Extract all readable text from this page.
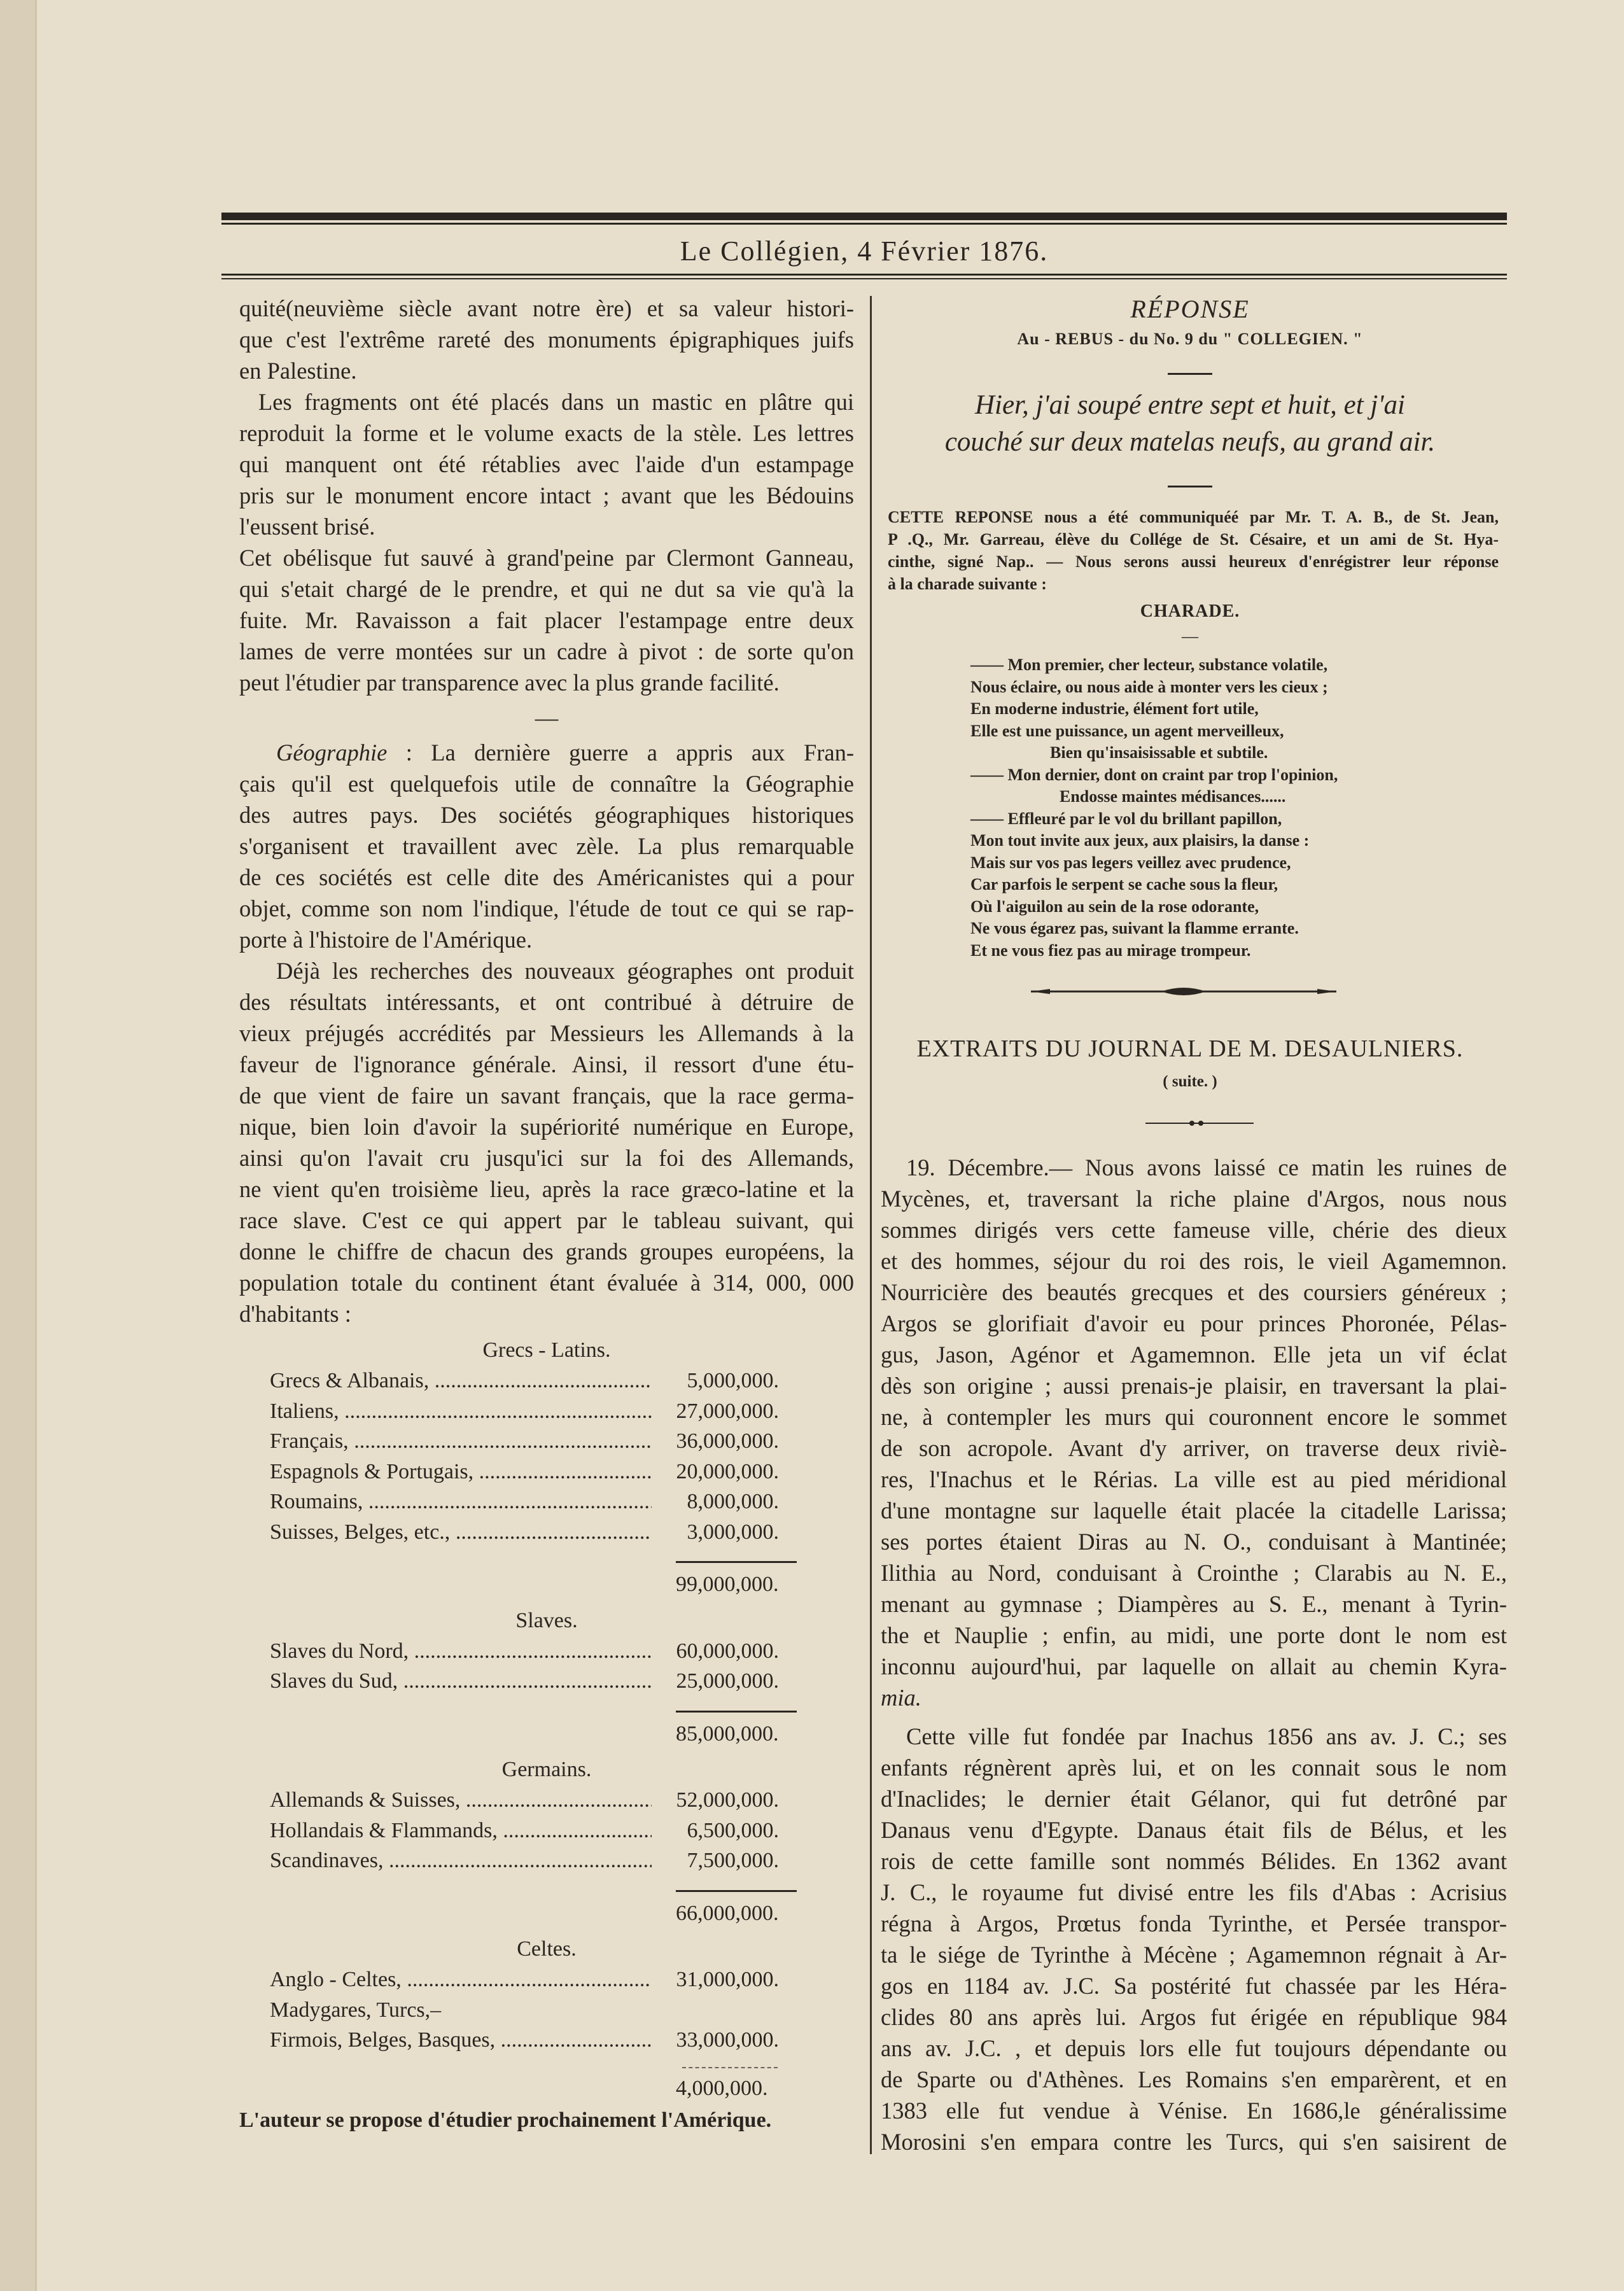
Le Collégien, 4 Février 1876.

quité(neuvième siècle avant notre ère) et sa valeur histori-
que c'est l'extrême rareté des monuments épigraphiques juifs
en Palestine.

Les fragments ont été placés dans un mastic en plâtre qui
reproduit la forme et le volume exacts de la stèle. Les lettres
qui manquent ont été rétablies avec l'aide d'un estampage
pris sur le monument encore intact ; avant que les Bédouins
l'eussent brisé.

Cet obélisque fut sauvé à grand'peine par Clermont Ganneau,
qui s'etait chargé de le prendre, et qui ne dut sa vie qu'à la
fuite. Mr. Ravaisson a fait placer l'estampage entre deux
lames de verre montées sur un cadre à pivot : de sorte qu'on
peut l'étudier par transparence avec la plus grande facilité.

—

Géographie : La dernière guerre a appris aux Fran-
çais qu'il est quelquefois utile de connaître la Géographie
des autres pays. Des sociétés géographiques historiques
s'organisent et travaillent avec zèle. La plus remarquable
de ces sociétés est celle dite des Américanistes qui a pour
objet, comme son nom l'indique, l'étude de tout ce qui se rap-
porte à l'histoire de l'Amérique.

Déjà les recherches des nouveaux géographes ont produit
des résultats intéressants, et ont contribué à détruire de
vieux préjugés accrédités par Messieurs les Allemands à la
faveur de l'ignorance générale. Ainsi, il ressort d'une étu-
de que vient de faire un savant français, que la race germa-
nique, bien loin d'avoir la supériorité numérique en Europe,
ainsi qu'on l'avait cru jusqu'ici sur la foi des Allemands,
ne vient qu'en troisième lieu, après la race græco-latine et la
race slave. C'est ce qui appert par le tableau suivant, qui
donne le chiffre de chacun des grands groupes européens, la
population totale du continent étant évaluée à 314, 000, 000
d'habitants :

Grecs - Latins.
Grecs & Albanais, .....	5,000,000.
Italiens, .....	27,000,000.
Français, .....	36,000,000.
Espagnols & Portugais, .....	20,000,000.
Roumains, .....	8,000,000.
Suisses, Belges, etc., .....	3,000,000.
99,000,000.
Slaves.
Slaves du Nord, .....	60,000,000.
Slaves du Sud, .....	25,000,000.
85,000,000.
Germains.
Allemands & Suisses, .....	52,000,000.
Hollandais & Flammands, .....	6,500,000.
Scandinaves, .....	7,500,000.
66,000,000.
Celtes.
Anglo - Celtes, .....	31,000,000.
Madygares, Turcs,–
Firmois, Belges, Basques, .....	33,000,000.
4,000,000.

L'auteur se propose d'étudier prochainement l'Amérique.

RÉPONSE
Au - REBUS - du No. 9 du " COLLEGIEN. "
Hier, j'ai soupé entre sept et huit, et j'ai
couché sur deux matelas neufs, au grand air.
CETTE REPONSE nous a été communiquéé par Mr. T. A. B., de St. Jean,
P .Q., Mr. Garreau, élève du Collége de St. Césaire, et un ami de St. Hya-
cinthe, signé Nap.. — Nous serons aussi heureux d'enrégistrer leur réponse
à la charade suivante :
CHARADE.
—
—— Mon premier, cher lecteur, substance volatile,
Nous éclaire, ou nous aide à monter vers les cieux ;
En moderne industrie, élément fort utile,
Elle est une puissance, un agent merveilleux,
Bien qu'insaisissable et subtile.
—— Mon dernier, dont on craint par trop l'opinion,
Endosse maintes médisances......
—— Effleuré par le vol du brillant papillon,
Mon tout invite aux jeux, aux plaisirs, la danse :
Mais sur vos pas legers veillez avec prudence,
Car parfois le serpent se cache sous la fleur,
Où l'aiguilon au sein de la rose odorante,
Ne vous égarez pas, suivant la flamme errante.
Et ne vous fiez pas au mirage trompeur.
EXTRAITS DU JOURNAL DE M. DESAULNIERS.
( suite. )

19. Décembre.— Nous avons laissé ce matin les ruines de
Mycènes, et, traversant la riche plaine d'Argos, nous nous
sommes dirigés vers cette fameuse ville, chérie des dieux
et des hommes, séjour du roi des rois, le vieil Agamemnon.
Nourricière des beautés grecques et des coursiers généreux ;
Argos se glorifiait d'avoir eu pour princes Phoronée, Pélas-
gus, Jason, Agénor et Agamemnon. Elle jeta un vif éclat
dès son origine ; aussi prenais-je plaisir, en traversant la plai-
ne, à contempler les murs qui couronnent encore le sommet
de son acropole. Avant d'y arriver, on traverse deux riviè-
res, l'Inachus et le Rérias. La ville est au pied méridional
d'une montagne sur laquelle était placée la citadelle Larissa;
ses portes étaient Diras au N. O., conduisant à Mantinée;
Ilithia au Nord, conduisant à Crointhe ; Clarabis au N. E.,
menant au gymnase ; Diampères au S. E., menant à Tyrin-
the et Nauplie ; enfin, au midi, une porte dont le nom est
inconnu aujourd'hui, par laquelle on allait au chemin Kyra-
mia.

Cette ville fut fondée par Inachus 1856 ans av. J. C.; ses
enfants régnèrent après lui, et on les connait sous le nom
d'Inaclides; le dernier était Gélanor, qui fut detrôné par
Danaus venu d'Egypte. Danaus était fils de Bélus, et les
rois de cette famille sont nommés Bélides. En 1362 avant
J. C., le royaume fut divisé entre les fils d'Abas : Acrisius
régna à Argos, Prœtus fonda Tyrinthe, et Persée transpor-
ta le siége de Tyrinthe à Mécène ; Agamemnon régnait à Ar-
gos en 1184 av. J.C. Sa postérité fut chassée par les Héra-
clides 80 ans après lui. Argos fut érigée en république 984
ans av. J.C. , et depuis lors elle fut toujours dépendante ou
de Sparte ou d'Athènes. Les Romains s'en emparèrent, et en
1383 elle fut vendue à Vénise. En 1686,le généralissime
Morosini s'en empara contre les Turcs, qui s'en saisirent de
